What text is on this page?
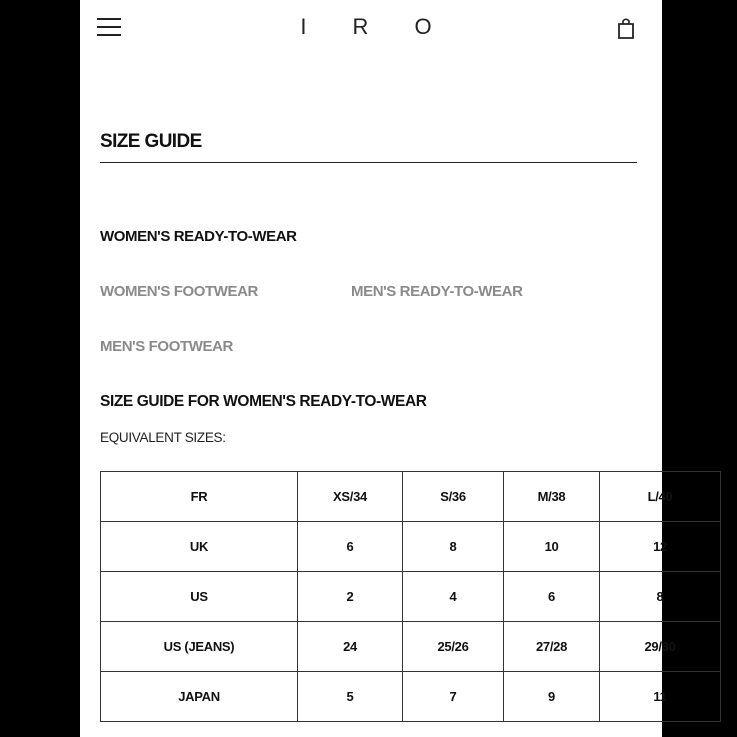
I R O
SIZE GUIDE
WOMEN'S READY-TO-WEAR
WOMEN'S FOOTWEAR	MEN'S READY-TO-WEAR
MEN'S FOOTWEAR
SIZE GUIDE FOR WOMEN'S READY-TO-WEAR
EQUIVALENT SIZES:
FR	XS/34	S/36	M/38	L/40
UK	6	8	10	12
US	2	4	6	8
US (JEANS)	24	25/26	27/28	29/30
JAPAN	5	7	9	11
